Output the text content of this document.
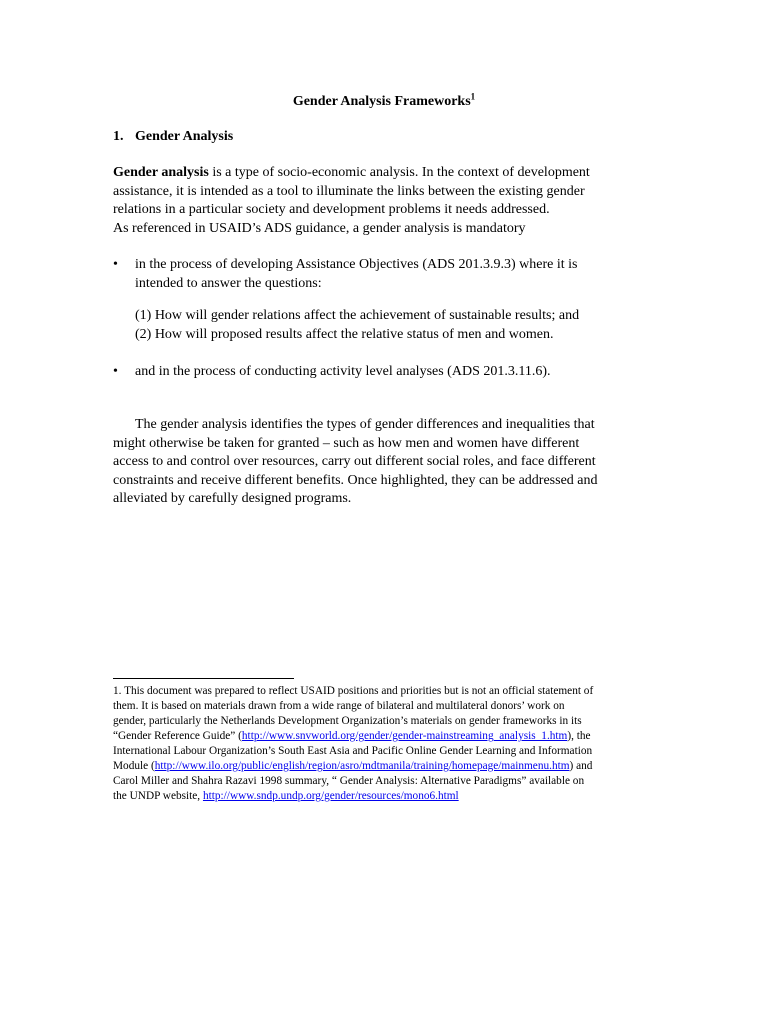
Gender Analysis Frameworks$^1$
1. Gender Analysis
Gender analysis is a type of socio-economic analysis. In the context of development
assistance, it is intended as a tool to illuminate the links between the existing gender
relations in a particular society and development problems it needs addressed.
As referenced in USAID’s ADS guidance, a gender analysis is mandatory
•	in the process of developing Assistance Objectives (ADS 201.3.9.3) where it is
intended to answer the questions:
(1) How will gender relations affect the achievement of sustainable results; and
(2) How will proposed results affect the relative status of men and women.
•	and in the process of conducting activity level analyses (ADS 201.3.11.6).
The gender analysis identifies the types of gender differences and inequalities that
might otherwise be taken for granted – such as how men and women have different
access to and control over resources, carry out different social roles, and face different
constraints and receive different benefits. Once highlighted, they can be addressed and
alleviated by carefully designed programs.
1. This document was prepared to reflect USAID positions and priorities but is not an official statement of
them. It is based on materials drawn from a wide range of bilateral and multilateral donors’ work on
gender, particularly the Netherlands Development Organization’s materials on gender frameworks in its
“Gender Reference Guide” (http://www.snvworld.org/gender/gender-mainstreaming_analysis_1.htm), the
International Labour Organization’s South East Asia and Pacific Online Gender Learning and Information
Module (http://www.ilo.org/public/english/region/asro/mdtmanila/training/homepage/mainmenu.htm) and
Carol Miller and Shahra Razavi 1998 summary, “ Gender Analysis: Alternative Paradigms” available on
the UNDP website, http://www.sndp.undp.org/gender/resources/mono6.html
